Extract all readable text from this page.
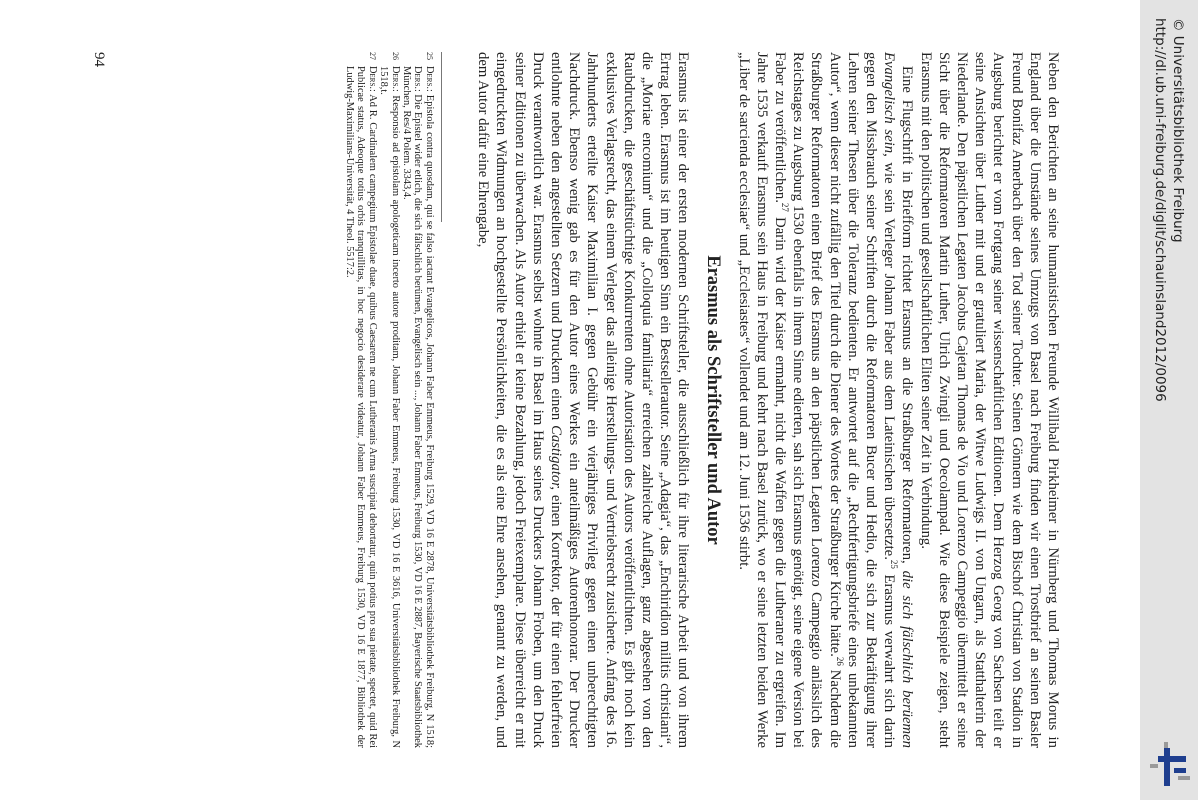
Neben den Berichten an seine humanistischen Freunde Willibald Pirkheimer in Nürnberg und Thomas Morus in England über die Umstände seines Umzugs von Basel nach Freiburg finden wir einen Trostbrief an seinen Basler Freund Bonifaz Amerbach über den Tod seiner Tochter. Seinen Gönnern wie dem Bischof Christian von Stadion in Augsburg berichtet er vom Fortgang seiner wissenschaftlichen Editionen. Dem Herzog Georg von Sachsen teilt er seine Ansichten über Luther mit und er gratuliert Maria, der Witwe Ludwigs II. von Ungarn, als Statthalterin der Niederlande. Den päpstlichen Legaten Jacobus Cajetan Thomas de Vio und Lorenzo Campeggio übermittelt er seine Sicht über die Reformatoren Martin Luther, Ulrich Zwingli und Oecolampad. Wie diese Beispiele zeigen, steht Erasmus mit den politischen und gesellschaftlichen Eliten seiner Zeit in Verbindung.

Eine Flugschrift in Briefform richtet Erasmus an die Straßburger Reformatoren, die sich fälschlich berüemen Evangelisch sein, wie sein Verleger Johann Faber aus dem Lateinischen übersetzte.$^{25}$ Erasmus verwahrt sich darin gegen den Missbrauch seiner Schriften durch die Reformatoren Bucer und Hedio, die sich zur Bekräftigung ihrer Lehren seiner Thesen über die Toleranz bedienten. Er antwortet auf die „Rechtfertigungsbriefe eines unbekannten Autor“, wenn dieser nicht zufällig den Titel durch die Diener des Wortes der Straßburger Kirche hätte.$^{26}$ Nachdem die Straßburger Reformatoren einen Brief des Erasmus an den päpstlichen Legaten Lorenzo Campeggio anlässlich des Reichstages zu Augsburg 1530 ebenfalls in ihrem Sinne edierten, sah sich Erasmus genötigt, seine eigene Version bei Faber zu veröffentlichen.$^{27}$ Darin wird der Kaiser ermahnt, nicht die Waffen gegen die Lutheraner zu ergreifen. Im Jahre 1535 verkauft Erasmus sein Haus in Freiburg und kehrt nach Basel zurück, wo er seine letzten beiden Werke „Liber de sarcienda ecclesiae“ und „Ecclesiastes“ vollendet und am 12. Juni 1536 stirbt.

Erasmus als Schriftsteller und Autor

Erasmus ist einer der ersten modernen Schriftsteller, die ausschließlich für ihre literarische Arbeit und von ihrem Ertrag leben. Erasmus ist im heutigen Sinn ein Bestsellerautor. Seine „Adagia“, das „Enchiridion militis christiani“, die „Moriae encomium“ und die „Colloquia familiaria“ erreichen zahlreiche Auflagen, ganz abgesehen von den Raubdrucken, die geschäftstüchtige Konkurrenten ohne Autorisation des Autors veröffentlichten. Es gibt noch kein exklusives Verlagsrecht, das einem Verleger das alleinige Herstellungs- und Vertriebsrecht zusicherte. Anfang des 16. Jahrhunderts erteilte Kaiser Maximilian I. gegen Gebühr ein vierjähriges Privileg gegen einen unberechtigten Nachdruck. Ebenso wenig gab es für den Autor eines Werkes ein anteilmäßiges Autorenhonorar. Der Drucker entlohnte neben den angestellten Setzern und Druckern einen Castigator, einen Korrektor, der für einen fehlerfreien Druck verantwortlich war. Erasmus selbst wohnte in Basel im Haus seines Druckers Johann Froben, um den Druck seiner Editionen zu überwachen. Als Autor erhielt er keine Bezahlung, jedoch Freiexemplare. Diese überreicht er mit eingedruckten Widmungen an hochgestellte Persönlichkeiten, die es als eine Ehre ansehen, genannt zu werden, und dem Autor dafür eine Ehrengabe,

25Ders.: Epistola contra quosdam, qui se falso iactant Evangelicos, Johann Faber Emmeus, Freiburg 1529, VD 16 E 2878, Universitätsbibliothek Freiburg, N 1518; Ders.: Die Epistel wider etlich, die sich fälschlich berümen, Evangelisch sein ..., Johann Faber Emmeus, Freiburg 1530, VD 16 E 2887, Bayerische Staatsbibliothek München, Res/4 Polem. 3343,4.

26Ders.: Responsio ad epistolam apologeticam incerto autore proditam, Johann Faber Emmeus, Freiburg 1530, VD 16 E 3616, Universitätsbibliothek Freiburg, N 1518,t.

27Ders.: Ad R. Cardinalem campegium Epistolae duae, quibus Caesarem ne cum Lutheranis Arma suscipiat dehortatur, quin potius pro sua pietate, spectet, quid Rei Publicae status, Adeoque totius orbis tranquillitas, in hoc negocio desiderare videatur, Johann Faber Emmeus, Freiburg 1530, VD 16 E 1877, Bibliothek der Ludwig-Maximilians-Universität, 4 Theol. 5517:2.

94	http://dl.ub.uni-freiburg.de/diglit/schauinsland2012/0096 © Universitätsbibliothek Freiburg
